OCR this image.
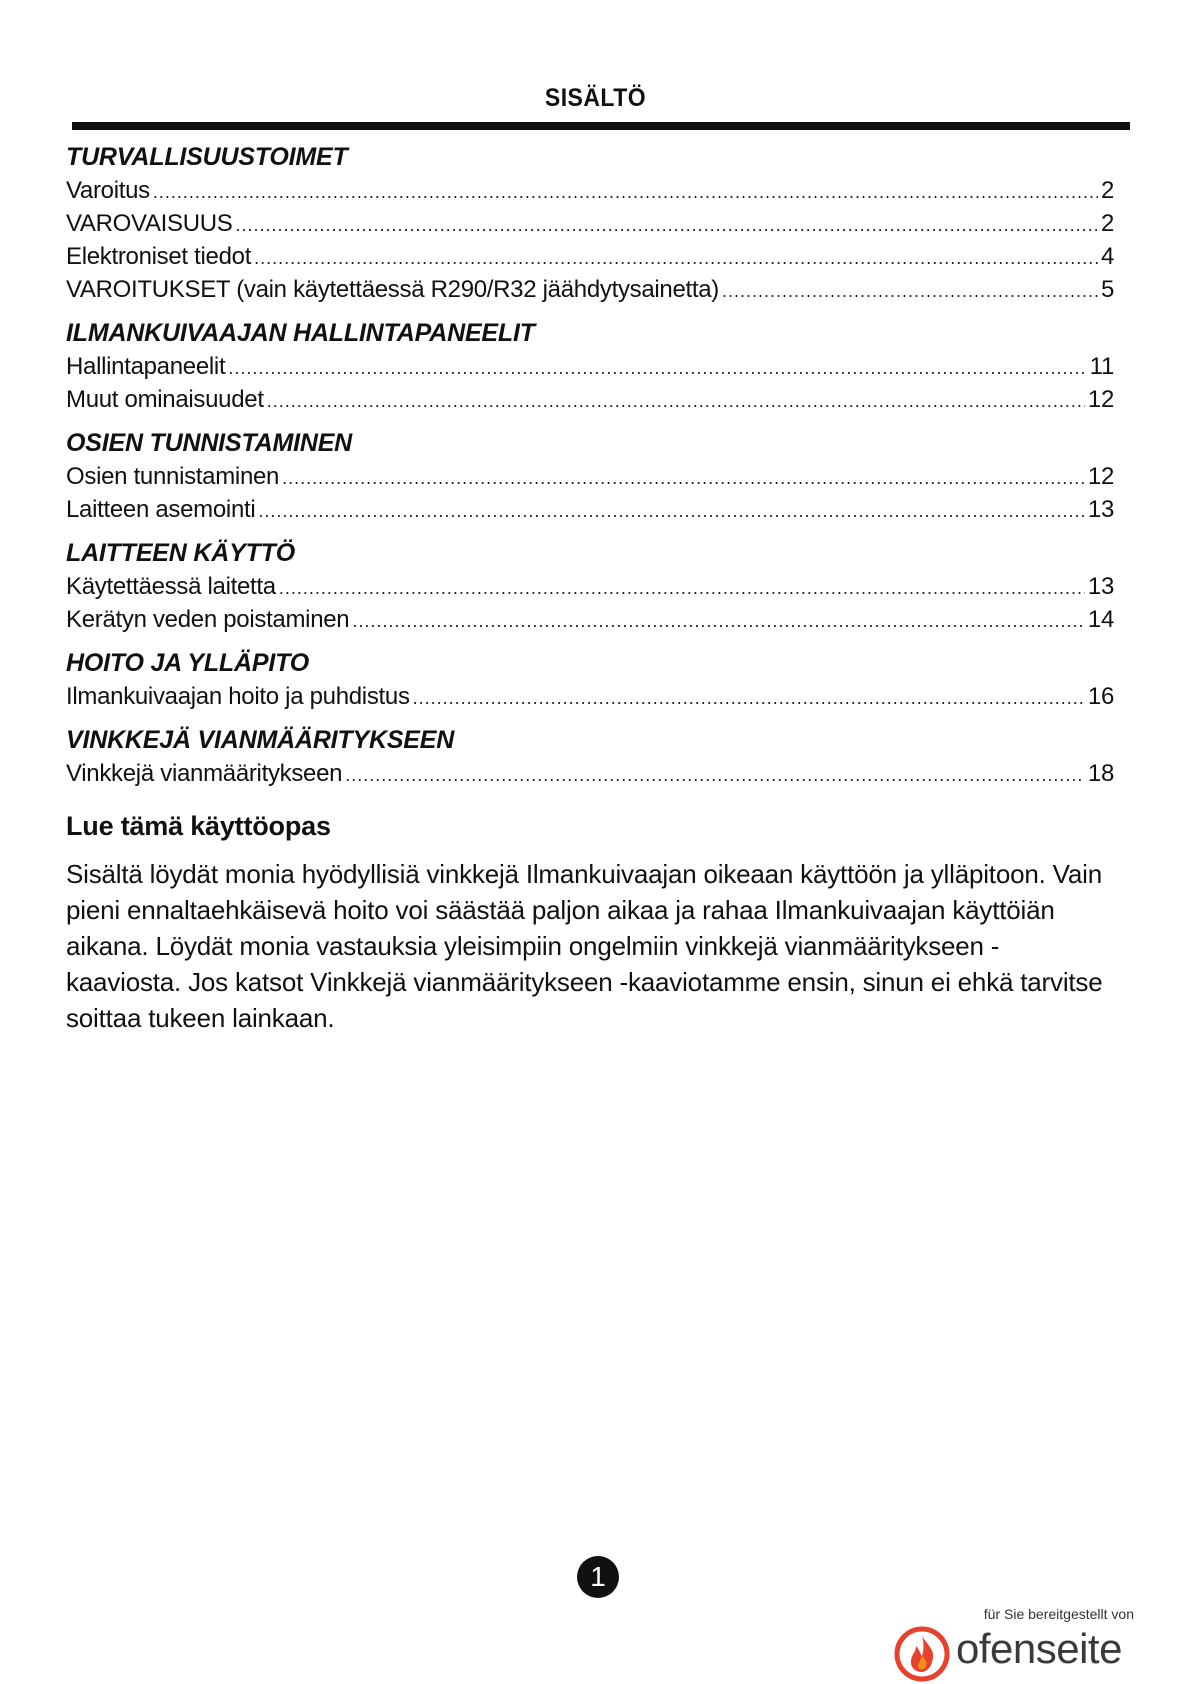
SISÄLTÖ
TURVALLISUUSTOIMET
Varoitus .....	2
VAROVAISUUS .....	2
Elektroniset tiedot .....	4
VAROITUKSET (vain käytettäessä R290/R32 jäähdytysainetta) .....	5
ILMANKUIVAAJAN HALLINTAPANEELIT
Hallintapaneelit .....	11
Muut ominaisuudet .....	12
OSIEN TUNNISTAMINEN
Osien tunnistaminen .....	12
Laitteen asemointi .....	13
LAITTEEN KÄYTTÖ
Käytettäessä laitetta .....	13
Kerätyn veden poistaminen .....	14
HOITO JA YLLÄPITO
Ilmankuivaajan hoito ja puhdistus .....	16
VINKKEJÄ VIANMÄÄRITYKSEEN
Vinkkejä vianmääritykseen .....	18
Lue tämä käyttöopas

Sisältä löydät monia hyödyllisiä vinkkejä Ilmankuivaajan oikeaan käyttöön ja ylläpitoon. Vain pieni ennaltaehkäisevä hoito voi säästää paljon aikaa ja rahaa Ilmankuivaajan käyttöiän aikana. Löydät monia vastauksia yleisimpiin ongelmiin vinkkejä vianmääritykseen -kaaviosta. Jos katsot Vinkkejä vianmääritykseen -kaaviotamme ensin, sinun ei ehkä tarvitse soittaa tukeen lainkaan.

1
für Sie bereitgestellt von
ofenseite
